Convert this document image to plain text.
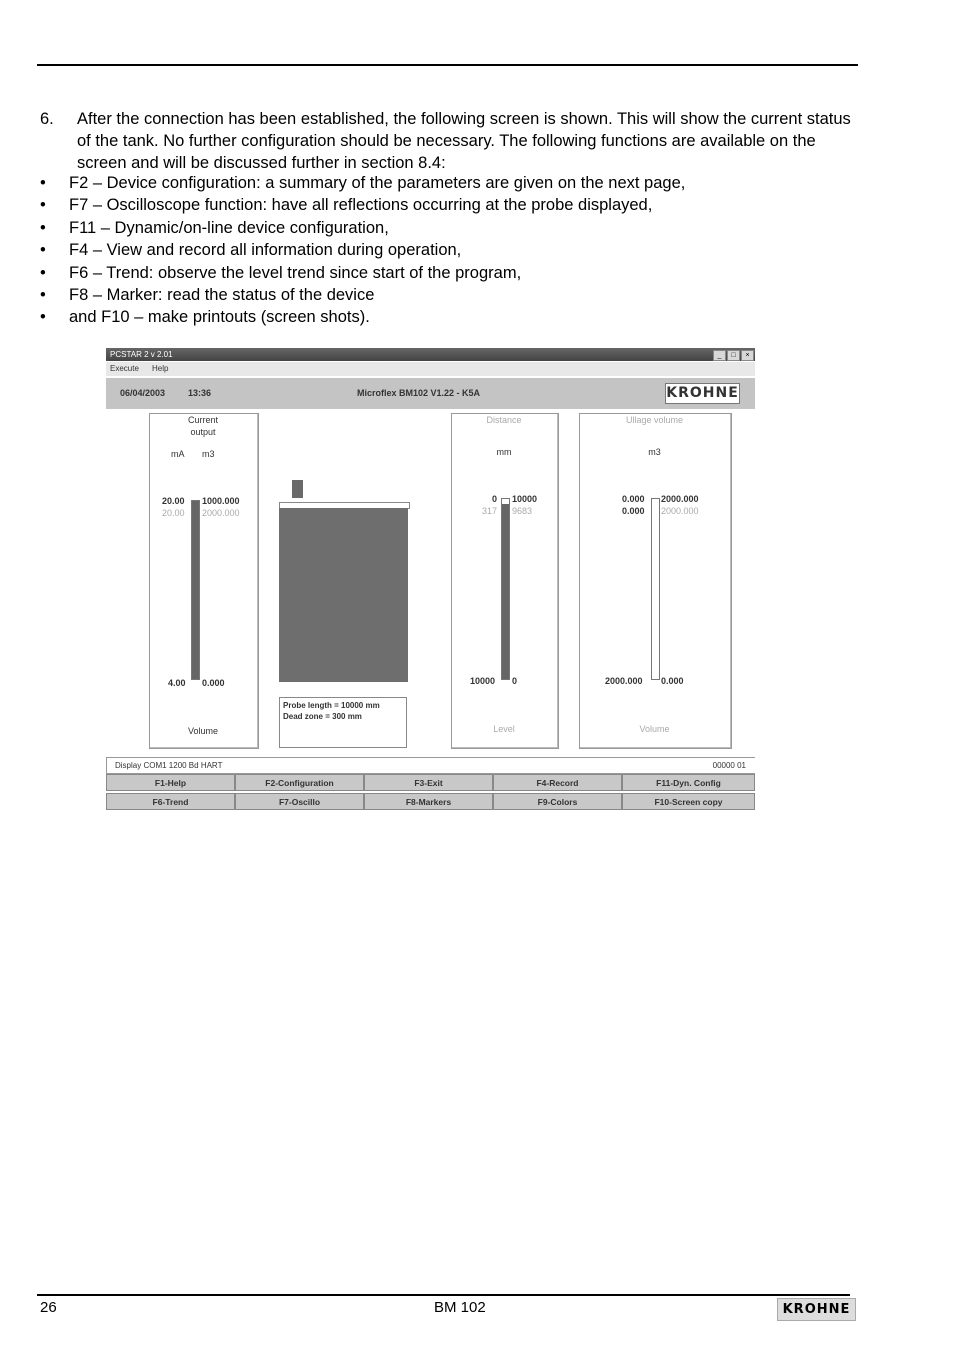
6. After the connection has been established, the following screen is shown. This will show the current status of the tank. No further configuration should be necessary. The following functions are available on the screen and will be discussed further in section 8.4:
• F2 – Device configuration: a summary of the parameters are given on the next page,
• F7 – Oscilloscope function: have all reflections occurring at the probe displayed,
• F11 – Dynamic/on-line device configuration,
• F4 – View and record all information during operation,
• F6 – Trend: observe the level trend since start of the program,
• F8 – Marker: read the status of the device
• and F10 – make printouts (screen shots).
PCSTAR 2 v 2.01	_	□	×
Execute Help
06/04/2003	13:36	Microflex BM102 V1.22 - K5A	KROHNE
Current
output
mA m3
20.00 1000.000
20.00 2000.000
4.00 0.000
Volume
Probe length = 10000 mm
Dead zone = 300 mm
Distance
mm
0 10000
317 9683
10000 0
Level
Ullage volume
m3
0.000 2000.000
0.000 2000.000
2000.000 0.000
Volume
Display COM1 1200 Bd HART	00000 01
F1-Help	F2-Configuration	F3-Exit	F4-Record	F11-Dyn. Config
F6-Trend	F7-Oscillo	F8-Markers	F9-Colors	F10-Screen copy
26	BM 102	KROHNE
